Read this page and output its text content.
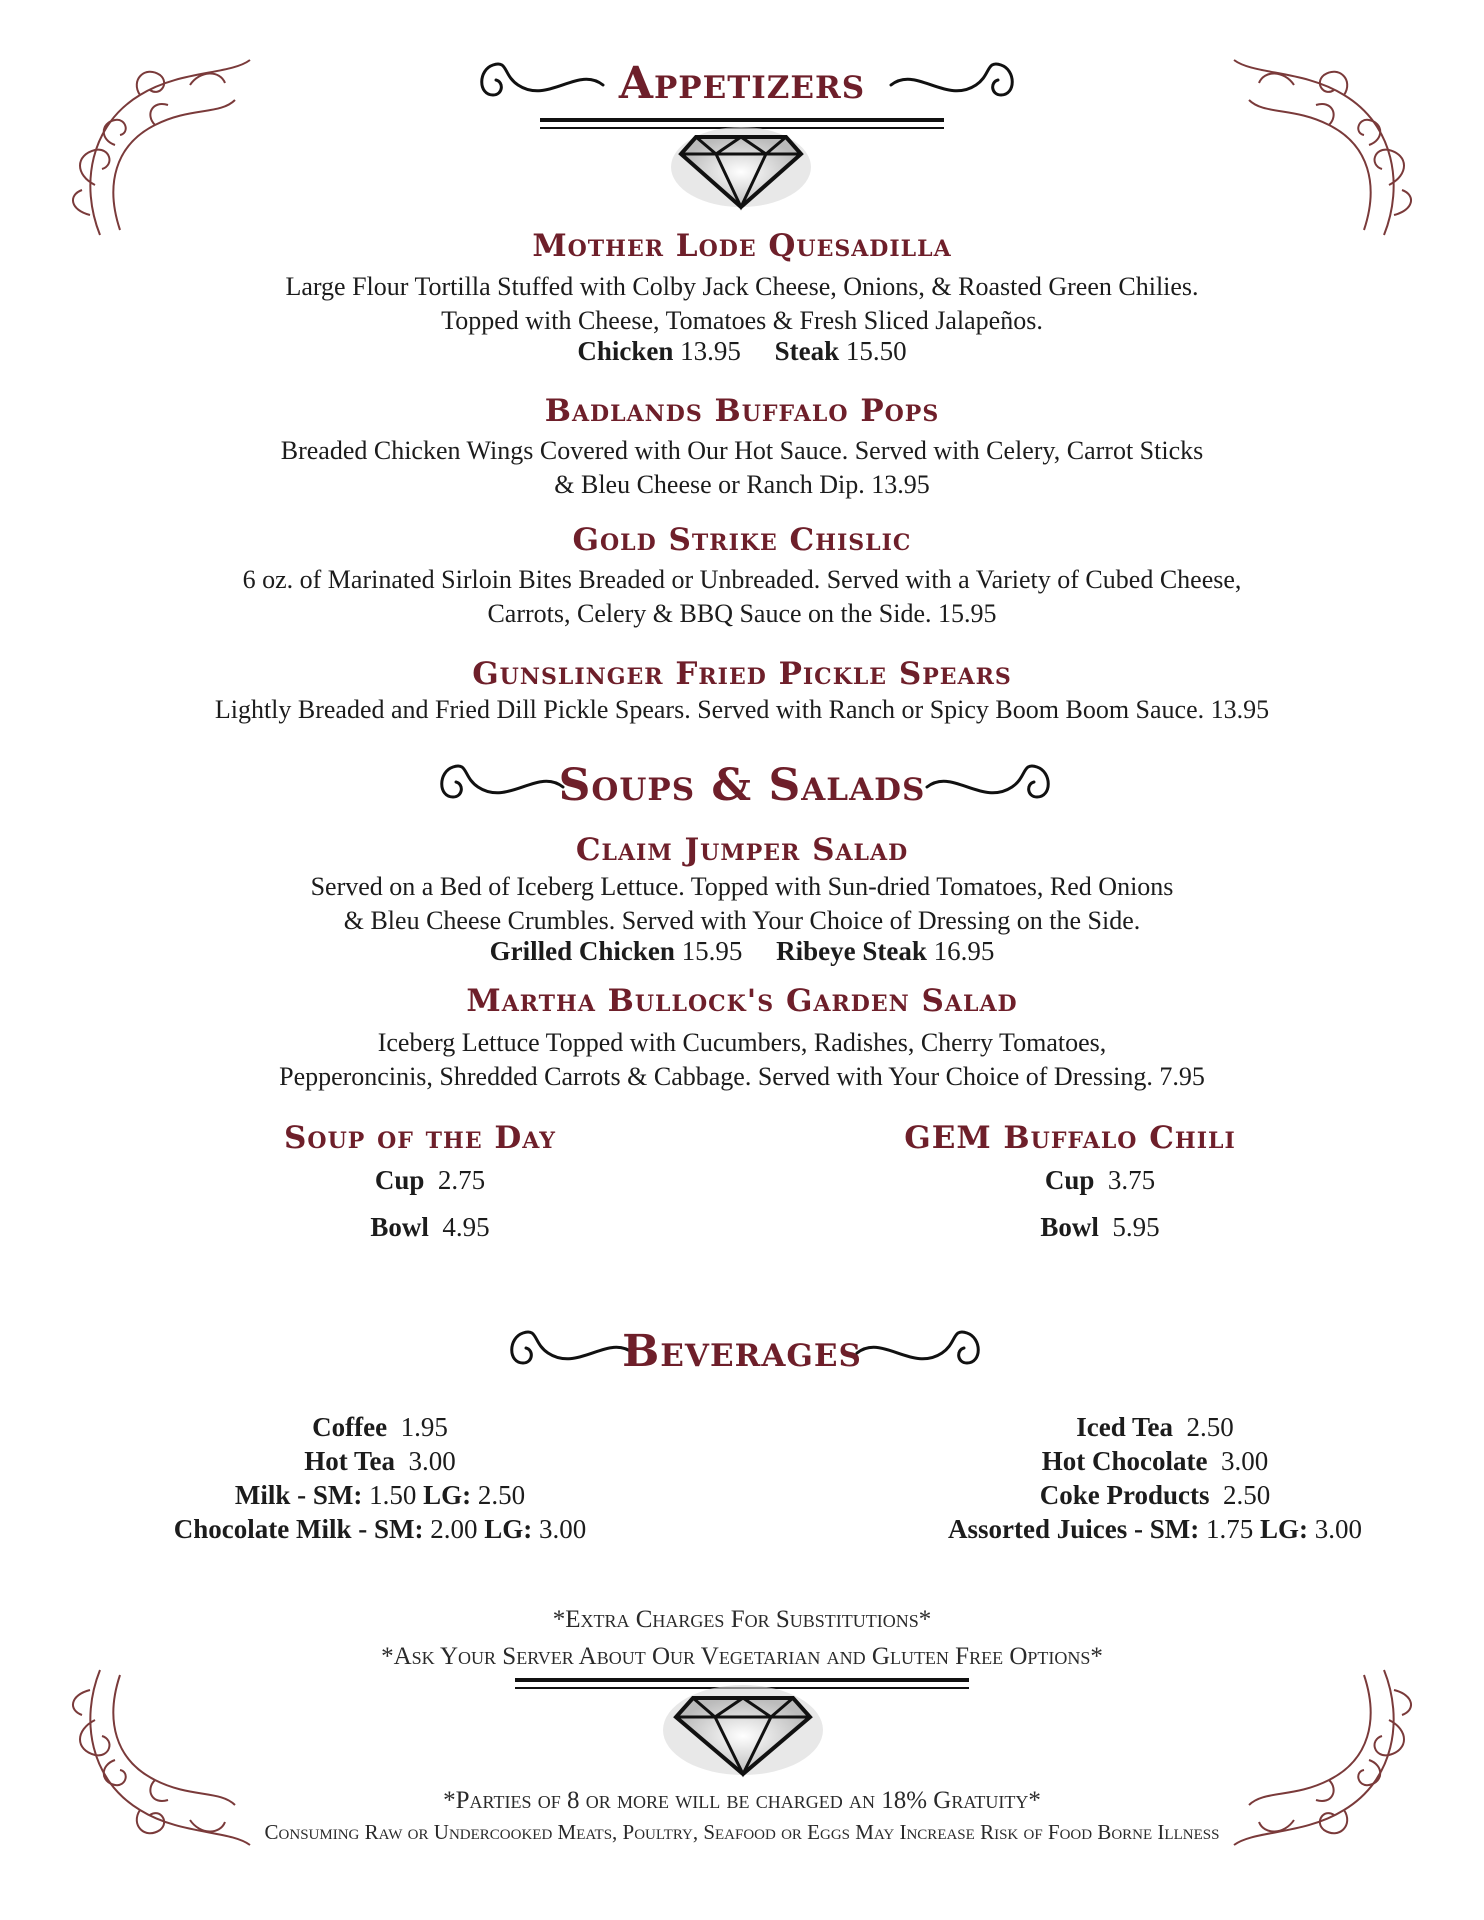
Appetizers
Mother Lode Quesadilla
Large Flour Tortilla Stuffed with Colby Jack Cheese, Onions, & Roasted Green Chilies.
Topped with Cheese, Tomatoes & Fresh Sliced Jalapeños.
Chicken 13.95 Steak 15.50
Badlands Buffalo Pops
Breaded Chicken Wings Covered with Our Hot Sauce. Served with Celery, Carrot Sticks
& Bleu Cheese or Ranch Dip. 13.95
Gold Strike Chislic
6 oz. of Marinated Sirloin Bites Breaded or Unbreaded. Served with a Variety of Cubed Cheese,
Carrots, Celery & BBQ Sauce on the Side. 15.95
Gunslinger Fried Pickle Spears
Lightly Breaded and Fried Dill Pickle Spears. Served with Ranch or Spicy Boom Boom Sauce. 13.95
Soups & Salads
Claim Jumper Salad
Served on a Bed of Iceberg Lettuce. Topped with Sun-dried Tomatoes, Red Onions
& Bleu Cheese Crumbles. Served with Your Choice of Dressing on the Side.
Grilled Chicken 15.95 Ribeye Steak 16.95
Martha Bullock's Garden Salad
Iceberg Lettuce Topped with Cucumbers, Radishes, Cherry Tomatoes,
Pepperoncinis, Shredded Carrots & Cabbage. Served with Your Choice of Dressing. 7.95
Soup of the Day
Cup 2.75
Bowl 4.95
GEM Buffalo Chili
Cup 3.75
Bowl 5.95
Beverages
Coffee 1.95
Hot Tea 3.00
Milk - SM: 1.50 LG: 2.50
Chocolate Milk - SM: 2.00 LG: 3.00
Iced Tea 2.50
Hot Chocolate 3.00
Coke Products 2.50
Assorted Juices - SM: 1.75 LG: 3.00
*Extra Charges For Substitutions*
*Ask Your Server About Our Vegetarian and Gluten Free Options*
*Parties of 8 or more will be charged an 18% Gratuity*
Consuming Raw or Undercooked Meats, Poultry, Seafood or Eggs May Increase Risk of Food Borne Illness
